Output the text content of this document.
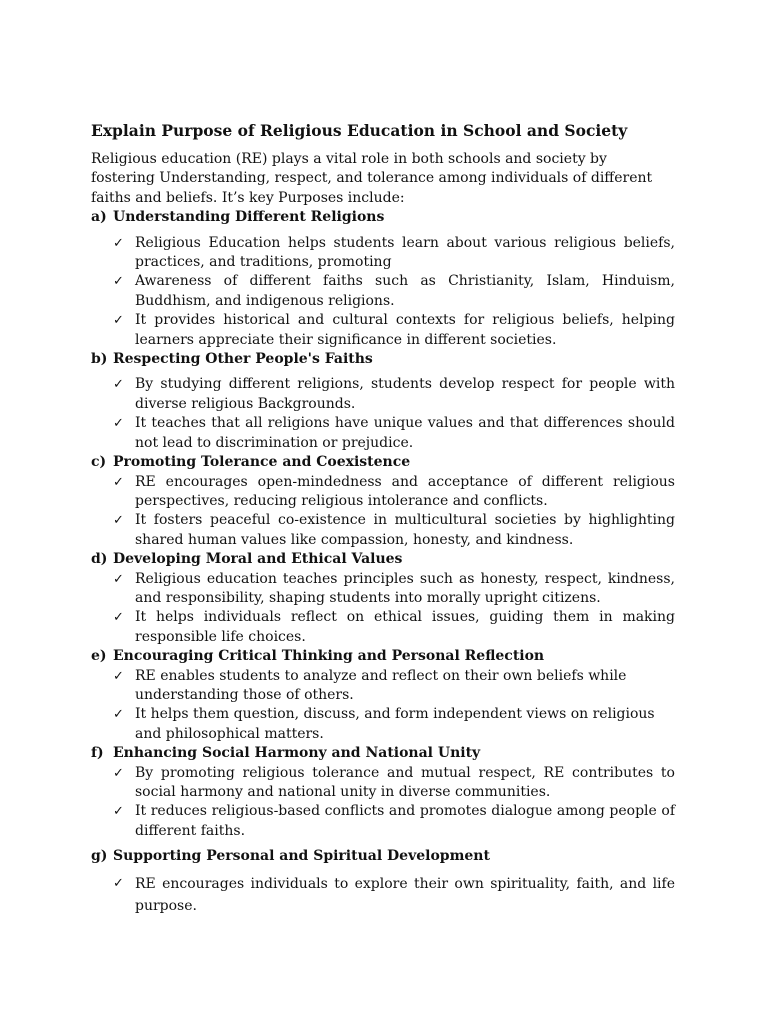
Explain Purpose of Religious Education in School and Society

Religious education (RE) plays a vital role in both schools and society by fostering Understanding, respect, and tolerance among individuals of different faiths and beliefs. It’s key Purposes include:

a) Understanding Different Religions
✓ Religious Education helps students learn about various religious beliefs, practices, and traditions, promoting
✓ Awareness of different faiths such as Christianity, Islam, Hinduism, Buddhism, and indigenous religions.
✓ It provides historical and cultural contexts for religious beliefs, helping learners appreciate their significance in different societies.
b) Respecting Other People's Faiths
✓ By studying different religions, students develop respect for people with diverse religious Backgrounds.
✓ It teaches that all religions have unique values and that differences should not lead to discrimination or prejudice.
c) Promoting Tolerance and Coexistence
✓ RE encourages open-mindedness and acceptance of different religious perspectives, reducing religious intolerance and conflicts.
✓ It fosters peaceful co-existence in multicultural societies by highlighting shared human values like compassion, honesty, and kindness.
d) Developing Moral and Ethical Values
✓ Religious education teaches principles such as honesty, respect, kindness, and responsibility, shaping students into morally upright citizens.
✓ It helps individuals reflect on ethical issues, guiding them in making responsible life choices.
e) Encouraging Critical Thinking and Personal Reflection
✓ RE enables students to analyze and reflect on their own beliefs while understanding those of others.
✓ It helps them question, discuss, and form independent views on religious and philosophical matters.
f) Enhancing Social Harmony and National Unity
✓ By promoting religious tolerance and mutual respect, RE contributes to social harmony and national unity in diverse communities.
✓ It reduces religious-based conflicts and promotes dialogue among people of different faiths.
g) Supporting Personal and Spiritual Development
✓ RE encourages individuals to explore their own spirituality, faith, and life purpose.
